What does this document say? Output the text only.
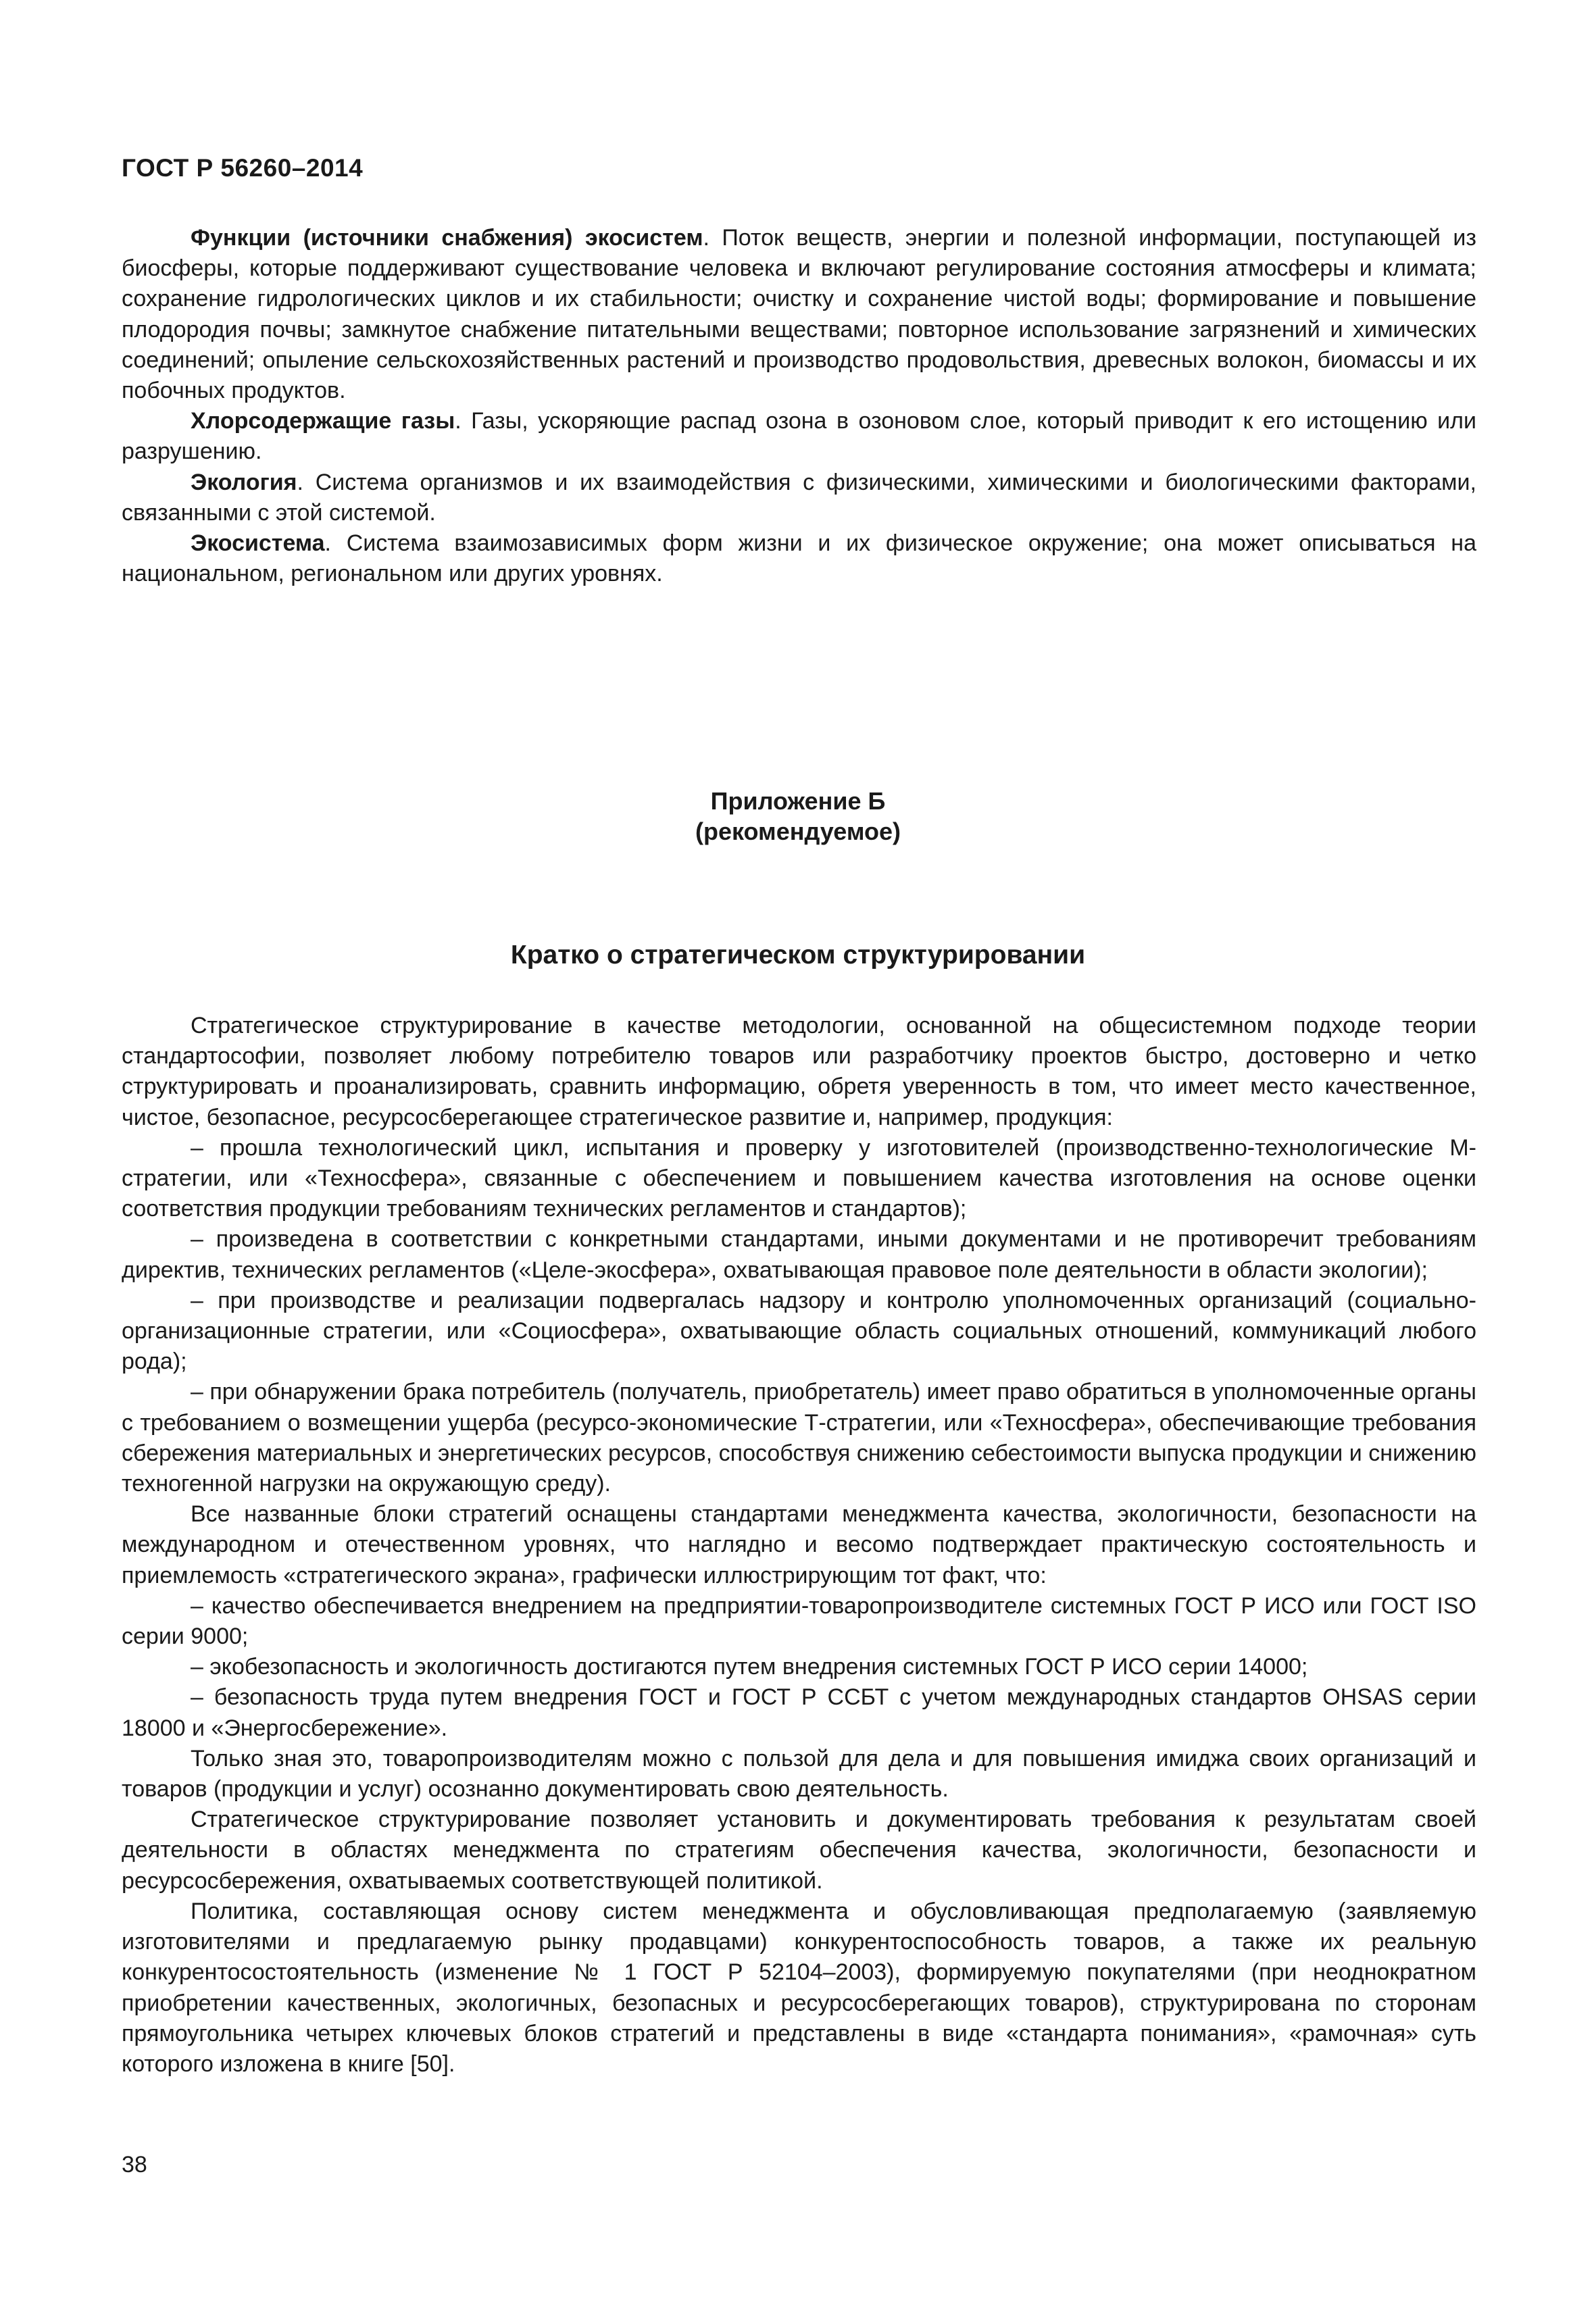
ГОСТ Р 56260–2014

Функции (источники снабжения) экосистем. Поток веществ, энергии и полезной информации, поступающей из биосферы, которые поддерживают существование человека и включают регулирование состояния атмосферы и климата; сохранение гидрологических циклов и их стабильности; очистку и сохранение чистой воды; формирование и повышение плодородия почвы; замкнутое снабжение питательными веществами; повторное использование загрязнений и химических соединений; опыление сельскохозяйственных растений и производство продовольствия, древесных волокон, биомассы и их побочных продуктов.

Хлорсодержащие газы. Газы, ускоряющие распад озона в озоновом слое, который приводит к его истощению или разрушению.

Экология. Система организмов и их взаимодействия с физическими, химическими и биологическими факторами, связанными с этой системой.

Экосистема. Система взаимозависимых форм жизни и их физическое окружение; она может описываться на национальном, региональном или других уровнях.

Приложение Б
(рекомендуемое)
Кратко о стратегическом структурировании

Стратегическое структурирование в качестве методологии, основанной на общесистемном подходе теории стандартософии, позволяет любому потребителю товаров или разработчику проектов быстро, достоверно и четко структурировать и проанализировать, сравнить информацию, обретя уверенность в том, что имеет место качественное, чистое, безопасное, ресурсосберегающее стратегическое развитие и, например, продукция:

– прошла технологический цикл, испытания и проверку у изготовителей (производственно-технологические М-стратегии, или «Техносфера», связанные с обеспечением и повышением качества изготовления на основе оценки соответствия продукции требованиям технических регламентов и стандартов);

– произведена в соответствии с конкретными стандартами, иными документами и не противоречит требованиям директив, технических регламентов («Целе-экосфера», охватывающая правовое поле деятельности в области экологии);

– при производстве и реализации подвергалась надзору и контролю уполномоченных организаций (социально-организационные стратегии, или «Социосфера», охватывающие область социальных отношений, коммуникаций любого рода);

– при обнаружении брака потребитель (получатель, приобретатель) имеет право обратиться в уполномоченные органы с требованием о возмещении ущерба (ресурсо-экономические Т-стратегии, или «Техносфера», обеспечивающие требования сбережения материальных и энергетических ресурсов, способствуя снижению себестоимости выпуска продукции и снижению техногенной нагрузки на окружающую среду).

Все названные блоки стратегий оснащены стандартами менеджмента качества, экологичности, безопасности на международном и отечественном уровнях, что наглядно и весомо подтверждает практическую состоятельность и приемлемость «стратегического экрана», графически иллюстрирующим тот факт, что:

– качество обеспечивается внедрением на предприятии-товаропроизводителе системных ГОСТ Р ИСО или ГОСТ ISO серии 9000;

– экобезопасность и экологичность достигаются путем внедрения системных ГОСТ Р ИСО серии 14000;

– безопасность труда путем внедрения ГОСТ и ГОСТ Р ССБТ с учетом международных стандартов OHSAS серии 18000 и «Энергосбережение».

Только зная это, товаропроизводителям можно с пользой для дела и для повышения имиджа своих организаций и товаров (продукции и услуг) осознанно документировать свою деятельность.

Стратегическое структурирование позволяет установить и документировать требования к результатам своей деятельности в областях менеджмента по стратегиям обеспечения качества, экологичности, безопасности и ресурсосбережения, охватываемых соответствующей политикой.

Политика, составляющая основу систем менеджмента и обусловливающая предполагаемую (заявляемую изготовителями и предлагаемую рынку продавцами) конкурентоспособность товаров, а также их реальную конкурентосостоятельность (изменение № 1 ГОСТ Р 52104–2003), формируемую покупателями (при неоднократном приобретении качественных, экологичных, безопасных и ресурсосберегающих товаров), структурирована по сторонам прямоугольника четырех ключевых блоков стратегий и представлены в виде «стандарта понимания», «рамочная» суть которого изложена в книге [50].

38
